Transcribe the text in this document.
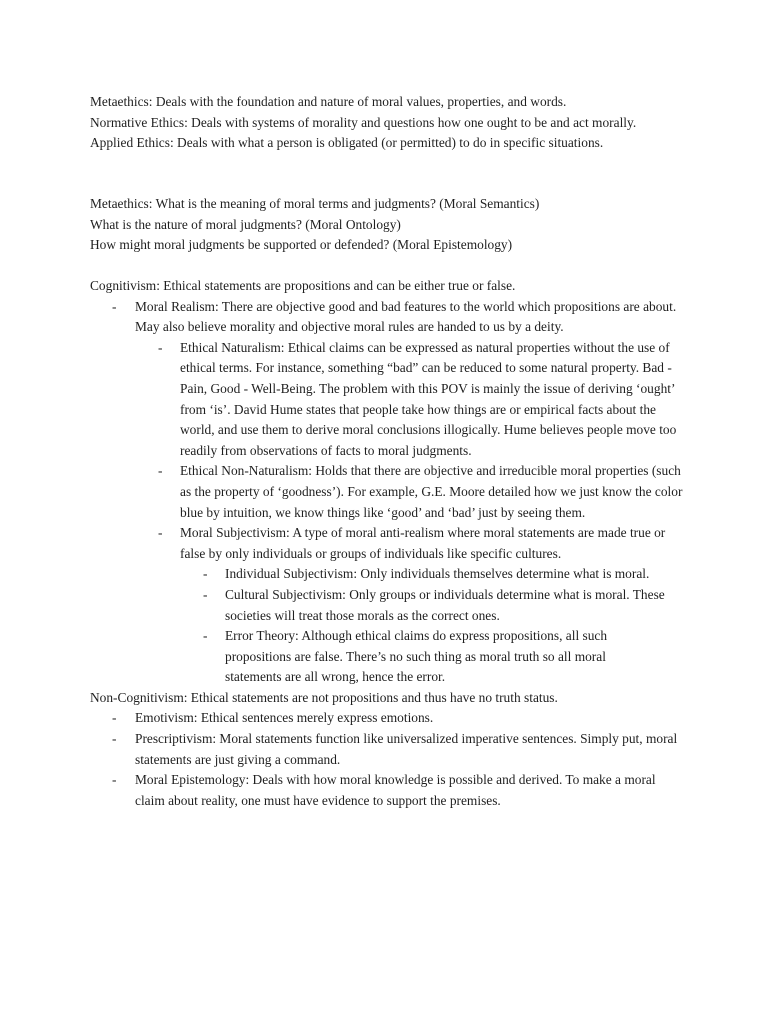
Metaethics: Deals with the foundation and nature of moral values, properties, and words.
Normative Ethics: Deals with systems of morality and questions how one ought to be and act morally.
Applied Ethics: Deals with what a person is obligated (or permitted) to do in specific situations.
Metaethics: What is the meaning of moral terms and judgments? (Moral Semantics)
What is the nature of moral judgments? (Moral Ontology)
How might moral judgments be supported or defended? (Moral Epistemology)
Cognitivism: Ethical statements are propositions and can be either true or false.
- Moral Realism: There are objective good and bad features to the world which propositions are about. May also believe morality and objective moral rules are handed to us by a deity.
- Ethical Naturalism: Ethical claims can be expressed as natural properties without the use of ethical terms. For instance, something “bad” can be reduced to some natural property. Bad - Pain, Good - Well-Being. The problem with this POV is mainly the issue of deriving ‘ought’ from ‘is’. David Hume states that people take how things are or empirical facts about the world, and use them to derive moral conclusions illogically. Hume believes people move too readily from observations of facts to moral judgments.
- Ethical Non-Naturalism: Holds that there are objective and irreducible moral properties (such as the property of ‘goodness’). For example, G.E. Moore detailed how we just know the color blue by intuition, we know things like ‘good’ and ‘bad’ just by seeing them.
- Moral Subjectivism: A type of moral anti-realism where moral statements are made true or false by only individuals or groups of individuals like specific cultures.
- Individual Subjectivism: Only individuals themselves determine what is moral.
- Cultural Subjectivism: Only groups or individuals determine what is moral. These societies will treat those morals as the correct ones.
- Error Theory: Although ethical claims do express propositions, all such propositions are false. There’s no such thing as moral truth so all moral statements are all wrong, hence the error.
Non-Cognitivism: Ethical statements are not propositions and thus have no truth status.
- Emotivism: Ethical sentences merely express emotions.
- Prescriptivism: Moral statements function like universalized imperative sentences. Simply put, moral statements are just giving a command.
- Moral Epistemology: Deals with how moral knowledge is possible and derived. To make a moral claim about reality, one must have evidence to support the premises.
